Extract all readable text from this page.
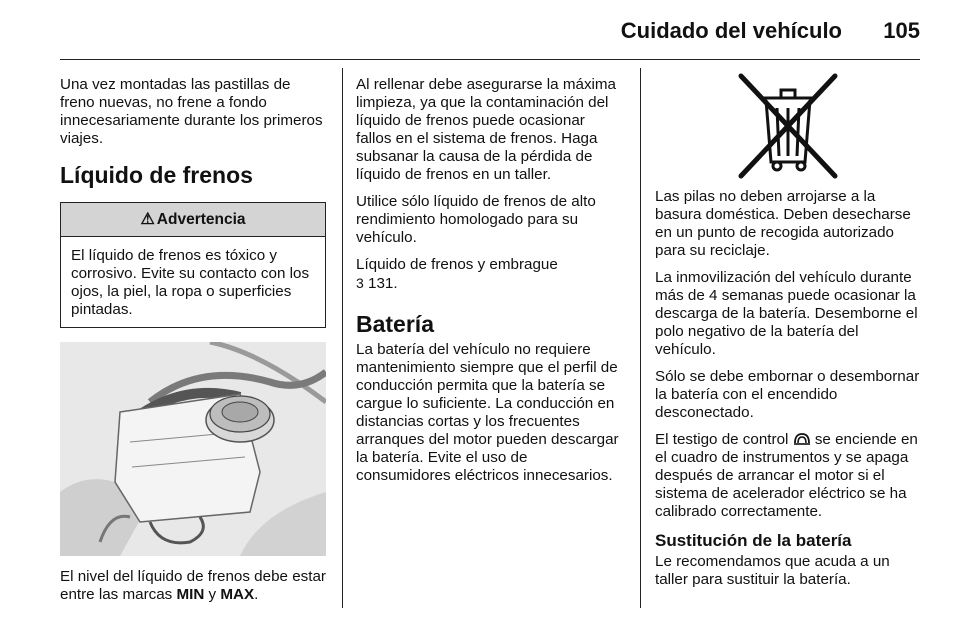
Cuidado del vehículo 105

Una vez montadas las pastillas de freno nuevas, no frene a fondo innecesariamente durante los primeros viajes.

Líquido de frenos
⚠ Advertencia
El líquido de frenos es tóxico y corrosivo. Evite su contacto con los ojos, la piel, la ropa o superficies pintadas.

El nivel del líquido de frenos debe estar entre las marcas MIN y MAX.

Al rellenar debe asegurarse la máxima limpieza, ya que la contaminación del líquido de frenos puede ocasionar fallos en el sistema de frenos. Haga subsanar la causa de la pérdida de líquido de frenos en un taller.

Utilice sólo líquido de frenos de alto rendimiento homologado para su vehículo.

Líquido de frenos y embrague
3 131.

Batería

La batería del vehículo no requiere mantenimiento siempre que el perfil de conducción permita que la batería se cargue lo suficiente. La conducción en distancias cortas y los frecuentes arranques del motor pueden descargar la batería. Evite el uso de consumidores eléctricos innecesarios.

Las pilas no deben arrojarse a la basura doméstica. Deben desecharse en un punto de recogida autorizado para su reciclaje.

La inmovilización del vehículo durante más de 4 semanas puede ocasionar la descarga de la batería. Desemborne el polo negativo de la batería del vehículo.

Sólo se debe embornar o desembornar la batería con el encendido desconectado.

El testigo de control  se enciende en el cuadro de instrumentos y se apaga después de arrancar el motor si el sistema de acelerador eléctrico se ha calibrado correctamente.

Sustitución de la batería

Le recomendamos que acuda a un taller para sustituir la batería.
